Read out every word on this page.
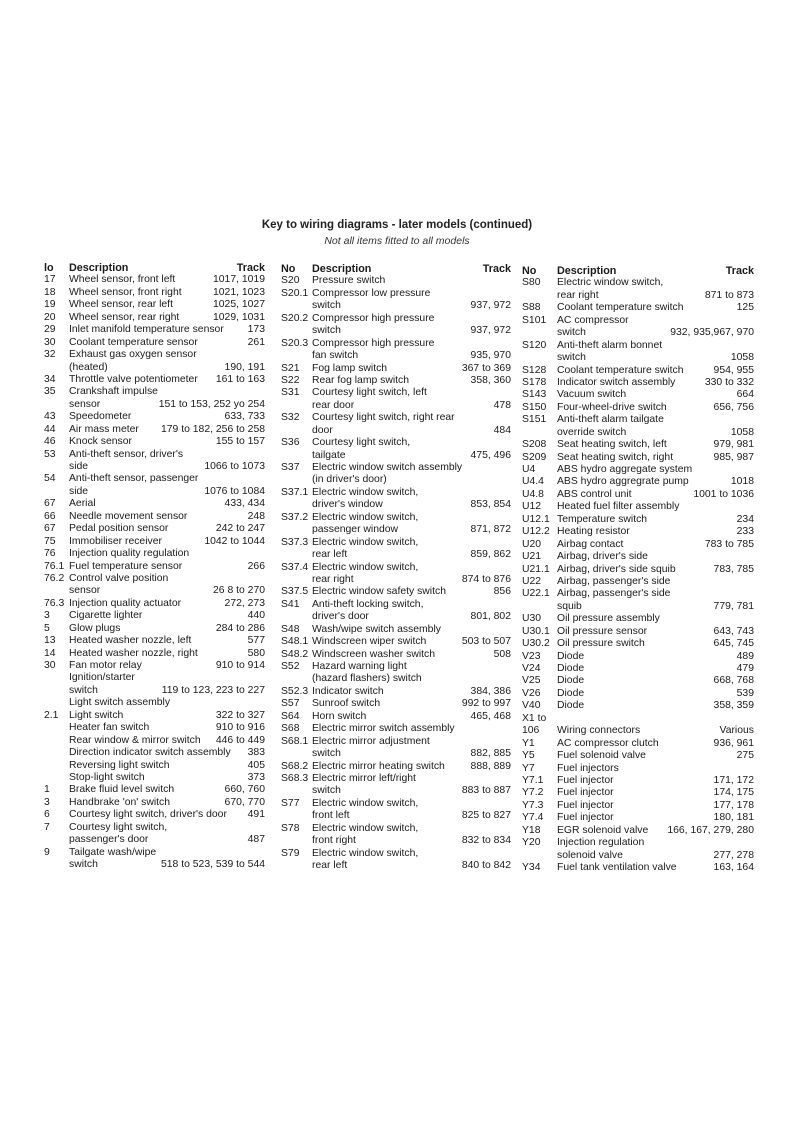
Key to wiring diagrams - later models (continued)
Not all items fitted to all models
lo Description	Track
17 Wheel sensor, front left	1017, 1019
18 Wheel sensor, front right	1021, 1023
19 Wheel sensor, rear left	1025, 1027
20 Wheel sensor, rear right	1029, 1031
29 Inlet manifold temperature sensor 173
30 Coolant temperature sensor	261
32 Exhaust gas oxygen sensor
(heated)	190, 191
34 Throttle valve potentiometer 161 to 163
35 Crankshaft impulse
sensor	151 to 153, 252 yo 254
43 Speedometer	633, 733
44 Air mass meter 179 to 182, 256 to 258
46 Knock sensor	155 to 157
53 Anti-theft sensor, driver's
side	1066 to 1073
54 Anti-theft sensor, passenger
side	1076 to 1084
67 Aerial	433, 434
66 Needle movement sensor	248
67 Pedal position sensor	242 to 247
75 Immobiliser receiver	1042 to 1044
76 Injection quality regulation
76.1 Fuel temperature sensor	266
76.2 Control valve position
sensor	26 8 to 270
76.3 Injection quality actuator	272, 273
3 Cigarette lighter	440
5 Glow plugs	284 to 286
13 Heated washer nozzle, left	577
14 Heated washer nozzle, right	580
30 Fan motor relay	910 to 914
Ignition/starter
switch	119 to 123, 223 to 227
Light switch assembly
2.1 Light switch	322 to 327
Heater fan switch	910 to 916
Rear window & mirror switch 446 to 449
Direction indicator switch assembly 383
Reversing light switch	405
Stop-light switch	373
1 Brake fluid level switch	660, 760
3 Handbrake 'on' switch	670, 770
6 Courtesy light switch, driver's door 491
7 Courtesy light switch,
passenger's door	487
9 Tailgate wash/wipe
switch	518 to 523, 539 to 544
No Description	Track
S20 Pressure switch
S20.1 Compressor low pressure
switch	937, 972
S20.2 Compressor high pressure
switch	937, 972
S20.3 Compressor high pressure
fan switch	935, 970
S21 Fog lamp switch	367 to 369
S22 Rear fog lamp switch	358, 360
S31 Courtesy light switch, left
rear door	478
S32 Courtesy light switch, right rear
door	484
S36 Courtesy light switch,
tailgate	475, 496
S37 Electric window switch assembly
(in driver's door)
S37.1 Electric window switch,
driver's window	853, 854
S37.2 Electric window switch,
passenger window	871, 872
S37.3 Electric window switch,
rear left	859, 862
S37.4 Electric window switch,
rear right	874 to 876
S37.5 Electric window safety switch	856
S41 Anti-theft locking switch,
driver's door	801, 802
S48 Wash/wipe switch assembly
S48.1 Windscreen wiper switch	503 to 507
S48.2 Windscreen washer switch	508
S52 Hazard warning light
(hazard flashers) switch
S52.3 Indicator switch	384, 386
S57 Sunroof switch	992 to 997
S64 Horn switch	465, 468
S68 Electric mirror switch assembly
S68.1 Electric mirror adjustment
switch	882, 885
S68.2 Electric mirror heating switch 888, 889
S68.3 Electric mirror left/right
switch	883 to 887
S77 Electric window switch,
front left	825 to 827
S78 Electric window switch,
front right	832 to 834
S79 Electric window switch,
rear left	840 to 842
No Description	Track
S80 Electric window switch,
rear right	871 to 873
S88 Coolant temperature switch	125
S101 AC compressor
switch	932, 935,967, 970
S120 Anti-theft alarm bonnet
switch	1058
S128 Coolant temperature switch	954, 955
S178 Indicator switch assembly	330 to 332
S143 Vacuum switch	664
S150 Four-wheel-drive switch	656, 756
S151 Anti-theft alarm tailgate
override switch	1058
S208 Seat heating switch, left	979, 981
S209 Seat heating switch, right	985, 987
U4 ABS hydro aggregate system
U4.4 ABS hydro aggregrate pump	1018
U4.8 ABS control unit	1001 to 1036
U12 Heated fuel filter assembly
U12.1 Temperature switch	234
U12.2 Heating resistor	233
U20 Airbag contact	783 to 785
U21 Airbag, driver's side
U21.1 Airbag, driver's side squib	783, 785
U22 Airbag, passenger's side
U22.1 Airbag, passenger's side
squib	779, 781
U30 Oil pressure assembly
U30.1 Oil pressure sensor	643, 743
U30.2 Oil pressure switch	645, 745
V23 Diode	489
V24 Diode	479
V25 Diode	668, 768
V26 Diode	539
V40 Diode	358, 359
X1 to
106 Wiring connectors	Various
Y1 AC compressor clutch	936, 961
Y5 Fuel solenoid valve	275
Y7 Fuel injectors
Y7.1 Fuel injector	171, 172
Y7.2 Fuel injector	174, 175
Y7.3 Fuel injector	177, 178
Y7.4 Fuel injector	180, 181
Y18 EGR solenoid valve 166, 167, 279, 280
Y20 Injection regulation
solenoid valve	277, 278
Y34 Fuel tank ventilation valve	163, 164
